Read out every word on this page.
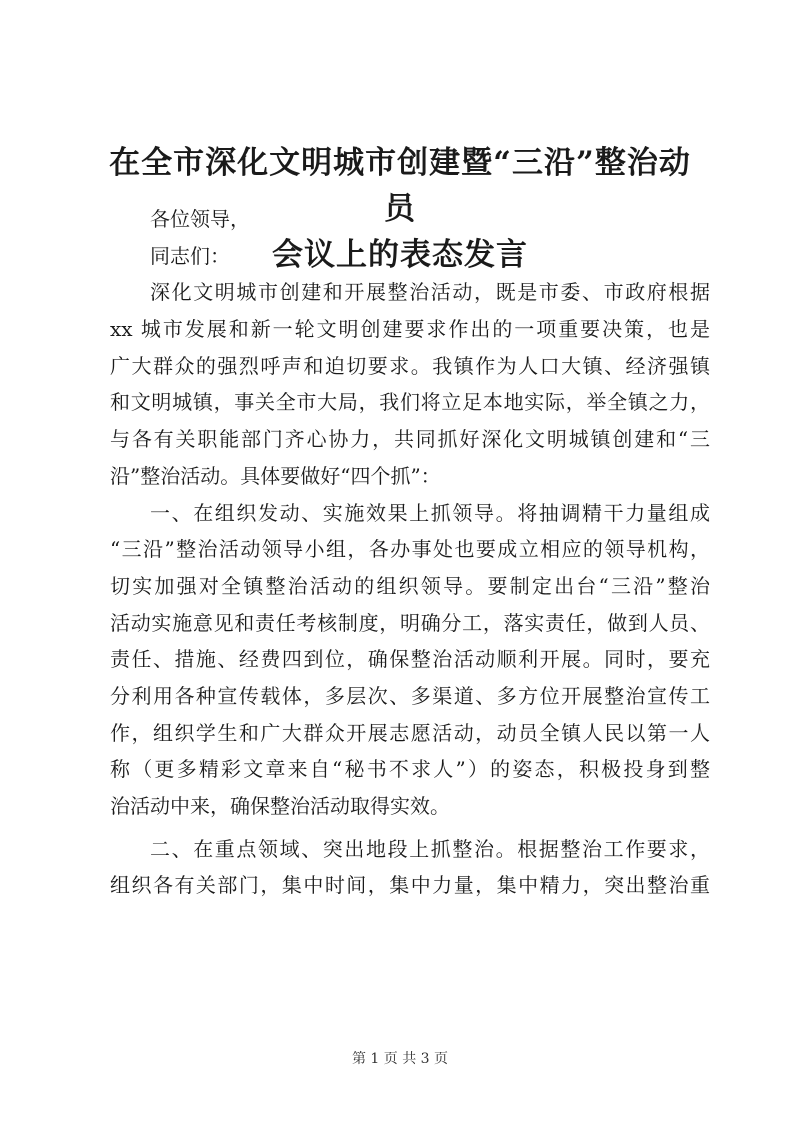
在全市深化文明城市创建暨“三沿”整治动员
会议上的表态发言
各位领导，
同志们：
深化文明城市创建和开展整治活动，既是市委、市政府根据
xx 城市发展和新一轮文明创建要求作出的一项重要决策，也是
广大群众的强烈呼声和迫切要求。我镇作为人口大镇、经济强镇
和文明城镇，事关全市大局，我们将立足本地实际，举全镇之力，
与各有关职能部门齐心协力，共同抓好深化文明城镇创建和“三
沿”整治活动。具体要做好“四个抓”：
一、在组织发动、实施效果上抓领导。将抽调精干力量组成
“三沿”整治活动领导小组，各办事处也要成立相应的领导机构，
切实加强对全镇整治活动的组织领导。要制定出台“三沿”整治
活动实施意见和责任考核制度，明确分工，落实责任，做到人员、
责任、措施、经费四到位，确保整治活动顺利开展。同时，要充
分利用各种宣传载体，多层次、多渠道、多方位开展整治宣传工
作，组织学生和广大群众开展志愿活动，动员全镇人民以第一人
称（更多精彩文章来自“秘书不求人”）的姿态，积极投身到整
治活动中来，确保整治活动取得实效。
二、在重点领域、突出地段上抓整治。根据整治工作要求，
组织各有关部门，集中时间，集中力量，集中精力，突出整治重
第 1 页 共 3 页
